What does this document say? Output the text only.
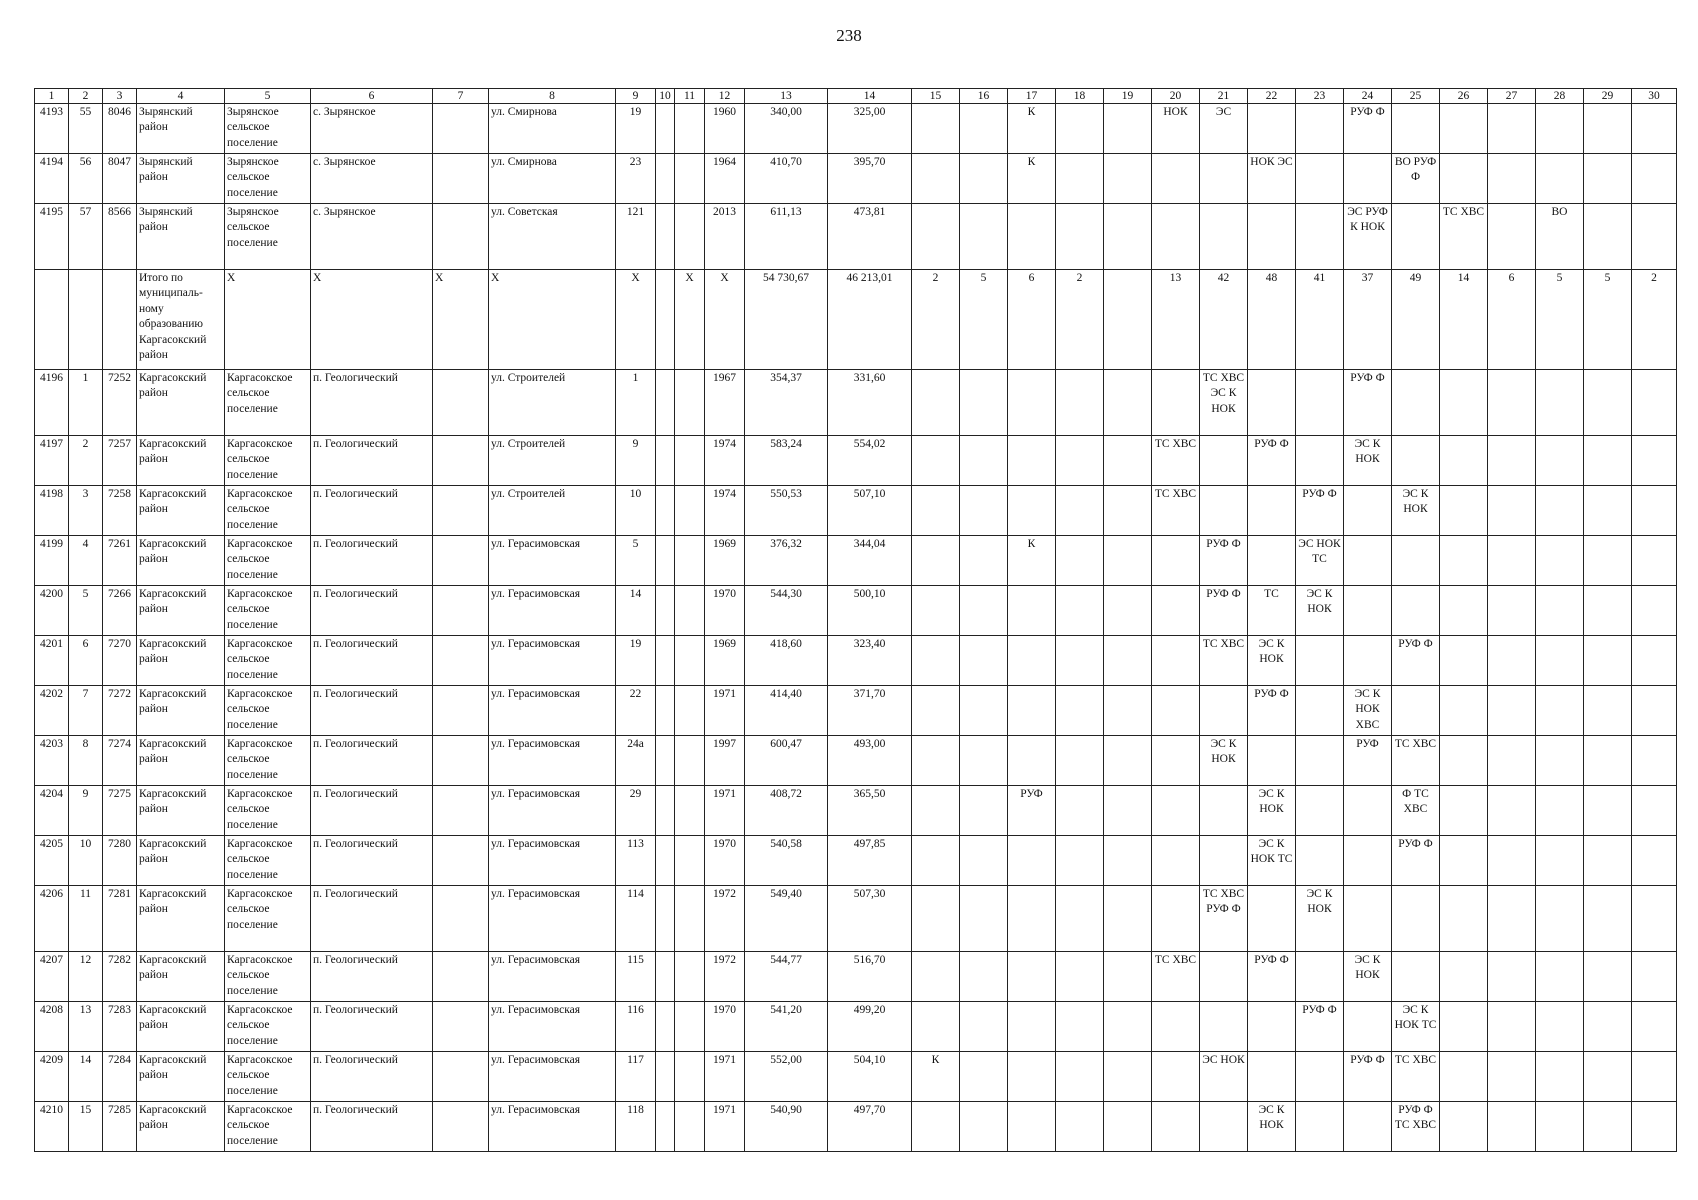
238
1	2	3	4	5	6	7	8	9	10	11	12	13	14	15	16	17	18	19	20	21	22	23	24	25	26	27	28	29	30
4193	55	8046	Зырянский район	Зырянское сельское поселение	с. Зырянское		ул. Смирнова	19			1960	340,00	325,00			К			НОК	ЭС			РУФ Ф						
4194	56	8047	Зырянский район	Зырянское сельское поселение	с. Зырянское		ул. Смирнова	23			1964	410,70	395,70			К					НОК ЭС			ВО РУФ Ф					
4195	57	8566	Зырянский район	Зырянское сельское поселение	с. Зырянское		ул. Советская	121			2013	611,13	473,81										ЭС РУФ К НОК		ТС ХВС		ВО		
			Итого по муниципаль-ному образованию Каргасокский район	X	X	X	X	X		X	X	54 730,67	46 213,01	2	5	6	2		13	42	48	41	37	49	14	6	5	5	2
4196	1	7252	Каргасокский район	Каргасокское сельское поселение	п. Геологический		ул. Строителей	1			1967	354,37	331,60							ТС ХВС ЭС К НОК			РУФ Ф						
4197	2	7257	Каргасокский район	Каргасокское сельское поселение	п. Геологический		ул. Строителей	9			1974	583,24	554,02						ТС ХВС		РУФ Ф		ЭС К НОК						
4198	3	7258	Каргасокский район	Каргасокское сельское поселение	п. Геологический		ул. Строителей	10			1974	550,53	507,10						ТС ХВС			РУФ Ф		ЭС К НОК					
4199	4	7261	Каргасокский район	Каргасокское сельское поселение	п. Геологический		ул. Герасимовская	5			1969	376,32	344,04			К				РУФ Ф		ЭС НОК ТС							
4200	5	7266	Каргасокский район	Каргасокское сельское поселение	п. Геологический		ул. Герасимовская	14			1970	544,30	500,10							РУФ Ф	ТС	ЭС К НОК							
4201	6	7270	Каргасокский район	Каргасокское сельское поселение	п. Геологический		ул. Герасимовская	19			1969	418,60	323,40							ТС ХВС	ЭС К НОК			РУФ Ф					
4202	7	7272	Каргасокский район	Каргасокское сельское поселение	п. Геологический		ул. Герасимовская	22			1971	414,40	371,70								РУФ Ф		ЭС К НОК ХВС						
4203	8	7274	Каргасокский район	Каргасокское сельское поселение	п. Геологический		ул. Герасимовская	24а			1997	600,47	493,00							ЭС К НОК			РУФ	ТС ХВС					
4204	9	7275	Каргасокский район	Каргасокское сельское поселение	п. Геологический		ул. Герасимовская	29			1971	408,72	365,50			РУФ					ЭС К НОК			Ф ТС ХВС					
4205	10	7280	Каргасокский район	Каргасокское сельское поселение	п. Геологический		ул. Герасимовская	113			1970	540,58	497,85								ЭС К НОК ТС			РУФ Ф					
4206	11	7281	Каргасокский район	Каргасокское сельское поселение	п. Геологический		ул. Герасимовская	114			1972	549,40	507,30							ТС ХВС РУФ Ф		ЭС К НОК							
4207	12	7282	Каргасокский район	Каргасокское сельское поселение	п. Геологический		ул. Герасимовская	115			1972	544,77	516,70						ТС ХВС		РУФ Ф		ЭС К НОК						
4208	13	7283	Каргасокский район	Каргасокское сельское поселение	п. Геологический		ул. Герасимовская	116			1970	541,20	499,20									РУФ Ф		ЭС К НОК ТС					
4209	14	7284	Каргасокский район	Каргасокское сельское поселение	п. Геологический		ул. Герасимовская	117			1971	552,00	504,10	К						ЭС НОК			РУФ Ф	ТС ХВС					
4210	15	7285	Каргасокский район	Каргасокское сельское поселение	п. Геологический		ул. Герасимовская	118			1971	540,90	497,70								ЭС К НОК			РУФ Ф ТС ХВС					
